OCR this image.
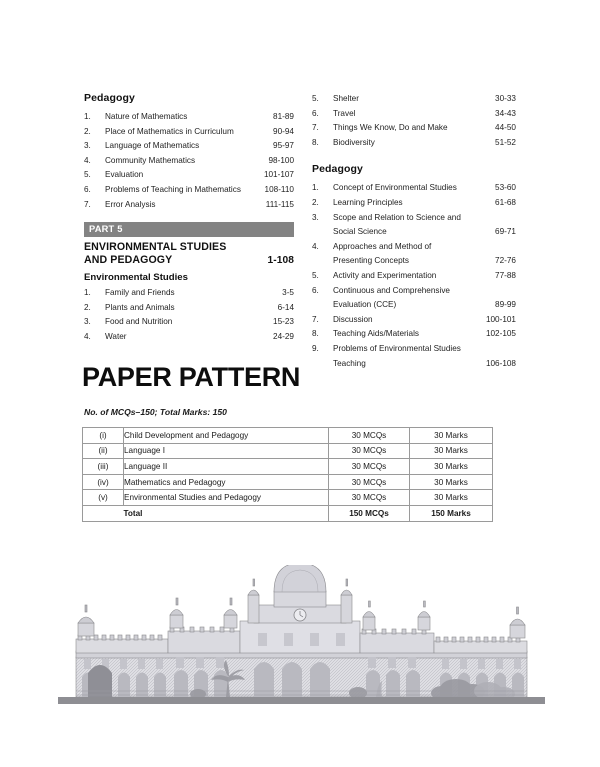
Pedagogy
1.	Nature of Mathematics	81-89
2.	Place of Mathematics in Curriculum	90-94
3.	Language of Mathematics	95-97
4.	Community Mathematics	98-100
5.	Evaluation	101-107
6.	Problems of Teaching in Mathematics	108-110
7.	Error Analysis	111-115
5.	Shelter	30-33
6.	Travel	34-43
7.	Things We Know, Do and Make	44-50
8.	Biodiversity	51-52
Pedagogy
1.	Concept of Environmental Studies	53-60
2.	Learning Principles	61-68
3.	Scope and Relation to Science and Social Science	69-71
4.	Approaches and Method of Presenting Concepts	72-76
5.	Activity and Experimentation	77-88
6.	Continuous and Comprehensive Evaluation (CCE)	89-99
7.	Discussion	100-101
8.	Teaching Aids/Materials	102-105
9.	Problems of Environmental Studies Teaching	106-108
PART 5
ENVIRONMENTAL STUDIES
AND PEDAGOGY	1-108
Environmental Studies
1.	Family and Friends	3-5
2.	Plants and Animals	6-14
3.	Food and Nutrition	15-23
4.	Water	24-29
PAPER PATTERN
No. of MCQs–150; Total Marks: 150
(i)	Child Development and Pedagogy	30 MCQs	30 Marks
(ii)	Language I	30 MCQs	30 Marks
(iii)	Language II	30 MCQs	30 Marks
(iv)	Mathematics and Pedagogy	30 MCQs	30 Marks
(v)	Environmental Studies and Pedagogy	30 MCQs	30 Marks
	Total	150 MCQs	150 Marks
